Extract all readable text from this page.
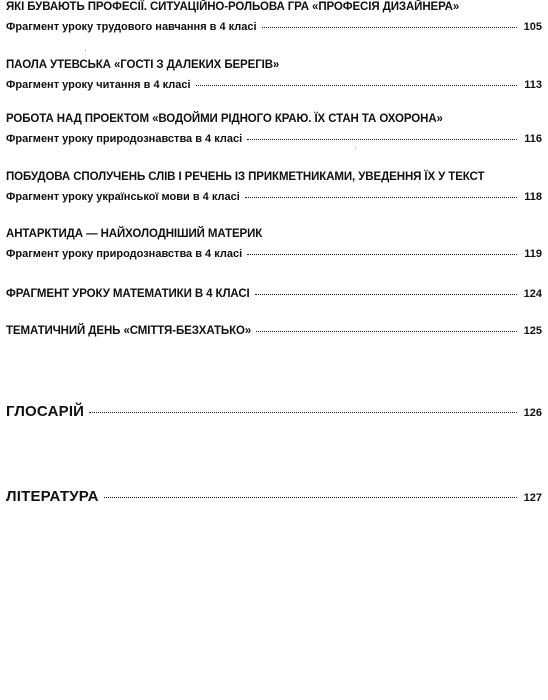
ЯКІ БУВАЮТЬ ПРОФЕСІЇ. СИТУАЦІЙНО-РОЛЬОВА ГРА «ПРОФЕСІЯ ДИЗАЙНЕРА»
Фрагмент уроку трудового навчання в 4 класі	105
ПАОЛА УТЕВСЬКА «ГОСТІ З ДАЛЕКИХ БЕРЕГІВ»
Фрагмент уроку читання в 4 класі	113
РОБОТА НАД ПРОЕКТОМ «ВОДОЙМИ РІДНОГО КРАЮ. ЇХ СТАН ТА ОХОРОНА»
Фрагмент уроку природознавства в 4 класі	116
ПОБУДОВА СПОЛУЧЕНЬ СЛІВ І РЕЧЕНЬ ІЗ ПРИКМЕТНИКАМИ, УВЕДЕННЯ ЇХ У ТЕКСТ
Фрагмент уроку української мови в 4 класі	118
АНТАРКТИДА — НАЙХОЛОДНІШИЙ МАТЕРИК
Фрагмент уроку природознавства в 4 класі	119
ФРАГМЕНТ УРОКУ МАТЕМАТИКИ В 4 КЛАСІ	124
ТЕМАТИЧНИЙ ДЕНЬ «СМІТТЯ-БЕЗХАТЬКО»	125
ГЛОСАРІЙ	126
ЛІТЕРАТУРА	127
